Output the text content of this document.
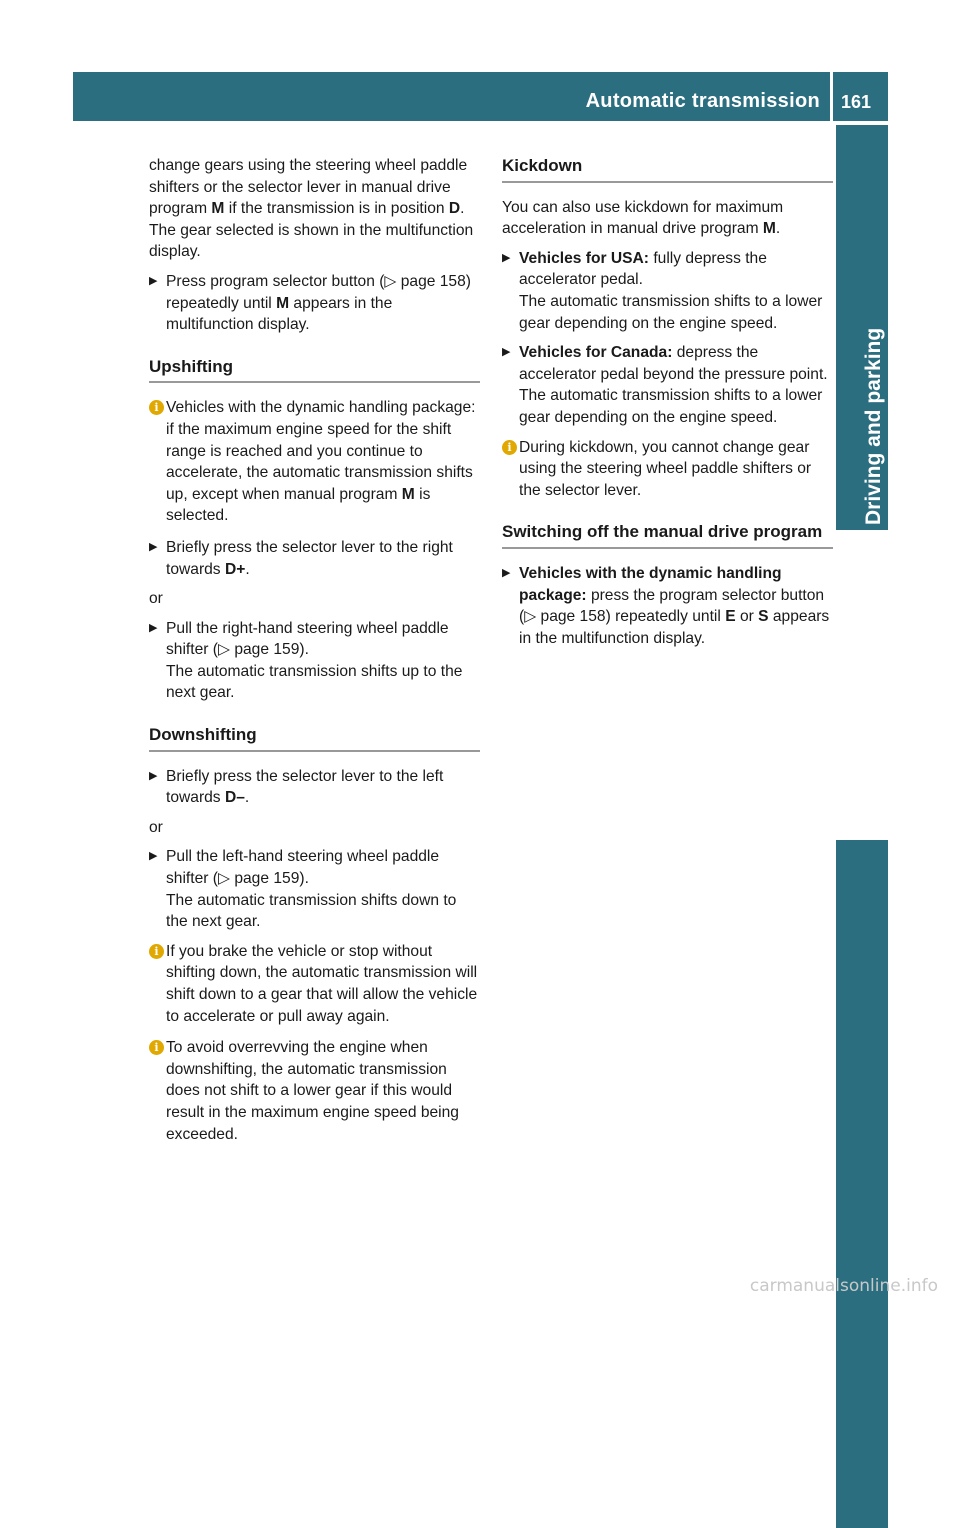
Automatic transmission 161
Driving and parking

change gears using the steering wheel paddle shifters or the selector lever in manual drive program M if the transmission is in position D. The gear selected is shown in the multifunction display.

▶ Press program selector button (▷ page 158) repeatedly until M appears in the multifunction display.
Upshifting
i Vehicles with the dynamic handling package: if the maximum engine speed for the shift range is reached and you continue to accelerate, the automatic transmission shifts up, except when manual program M is selected.
▶ Briefly press the selector lever to the right towards D+.

or

▶ Pull the right-hand steering wheel paddle shifter (▷ page 159).
The automatic transmission shifts up to the next gear.
Downshifting
▶ Briefly press the selector lever to the left towards D–.

or

▶ Pull the left-hand steering wheel paddle shifter (▷ page 159).
The automatic transmission shifts down to the next gear.
i If you brake the vehicle or stop without shifting down, the automatic transmission will shift down to a gear that will allow the vehicle to accelerate or pull away again.
i To avoid overrevving the engine when downshifting, the automatic transmission does not shift to a lower gear if this would result in the maximum engine speed being exceeded.
Kickdown

You can also use kickdown for maximum acceleration in manual drive program M.

▶ Vehicles for USA: fully depress the accelerator pedal.
The automatic transmission shifts to a lower gear depending on the engine speed.
▶ Vehicles for Canada: depress the accelerator pedal beyond the pressure point.
The automatic transmission shifts to a lower gear depending on the engine speed.
i During kickdown, you cannot change gear using the steering wheel paddle shifters or the selector lever.
Switching off the manual drive program
▶ Vehicles with the dynamic handling package: press the program selector button (▷ page 158) repeatedly until E or S appears in the multifunction display.
carmanualsonline.info
